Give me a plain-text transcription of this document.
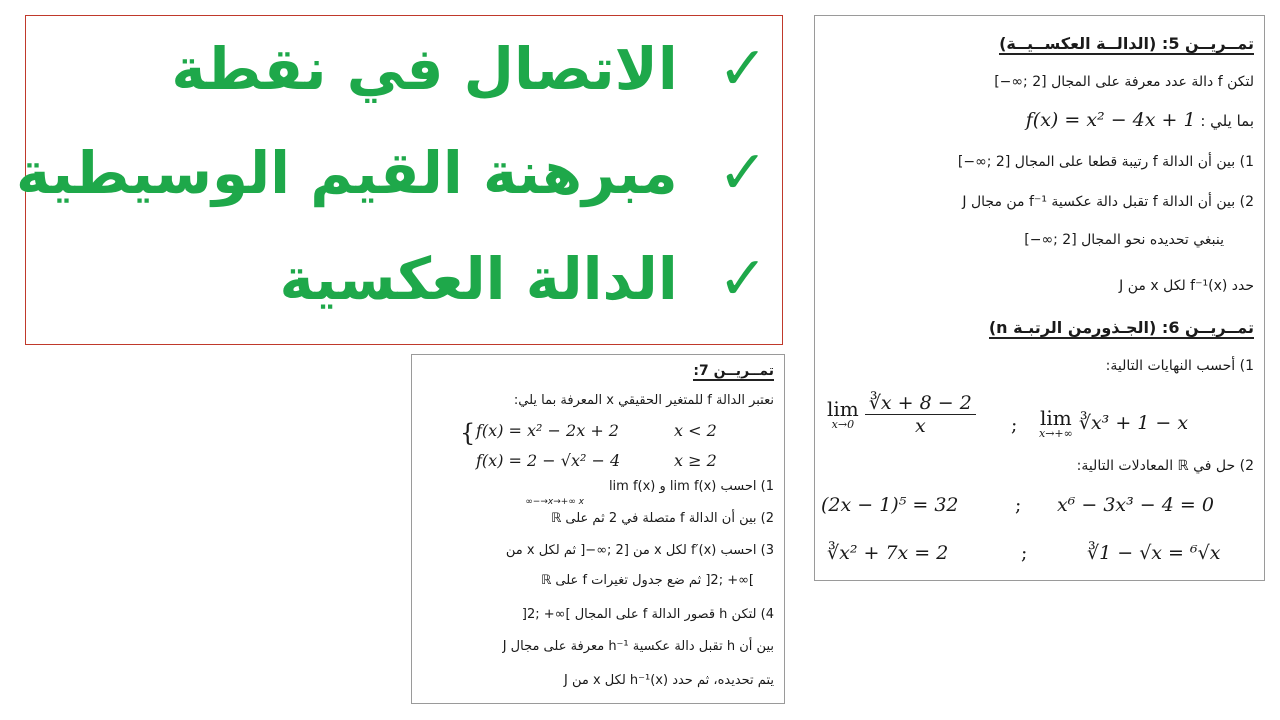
✓
الاتصال في نقطة
✓
مبرهنة القيم الوسيطية
✓
الدالة العكسية
تمــريــن 5: (الدالــة العكســيــة)
لتكن f دالة عدد معرفة على المجال [2 ;∞−]
بما يلي : f(x) = x² − 4x + 1
1) بين أن الدالة f رتيبة قطعا على المجال [2 ;∞−]
2) بين أن الدالة f تقبل دالة عكسية f⁻¹ من مجال J
ينبغي تحديده نحو المجال [2 ;∞−]
حدد f⁻¹(x) لكل x من J
تمــريــن 6: (الجـذورمن الرتبـة n)
1) أحسب النهايات التالية:
lim
x→0
$\frac{∛x + 8 - 2}{x}$ ; lim
x→+∞ ∛x³ + 1 − x
2) حل في ℝ المعادلات التالية:
(2x − 1)⁵ = 32	; x⁶ − 3x³ − 4 = 0
∛x² + 7x = 2	;	∛1 − √x = ⁶√x
تمــريــن 7:
نعتبر الدالة f للمتغير الحقيقي x المعرفة بما يلي:
{ f(x) = x² − 2x + 2	x < 2
f(x) = 2 − √x² − 4	x ≥ 2
1) احسب lim f(x) و lim f(x)
x→+∞ x→−∞
2) بين أن الدالة f متصلة في 2 ثم على ℝ
3) احسب f′(x) لكل x من [2 ;∞−[ ثم لكل x من
]∞+ ;2[ ثم ضع جدول تغيرات f على ℝ
4) لتكن h قصور الدالة f على المجال ]∞+ ;2[
بين أن h تقبل دالة عكسية h⁻¹ معرفة على مجال J
يتم تحديده، ثم حدد h⁻¹(x) لكل x من J
